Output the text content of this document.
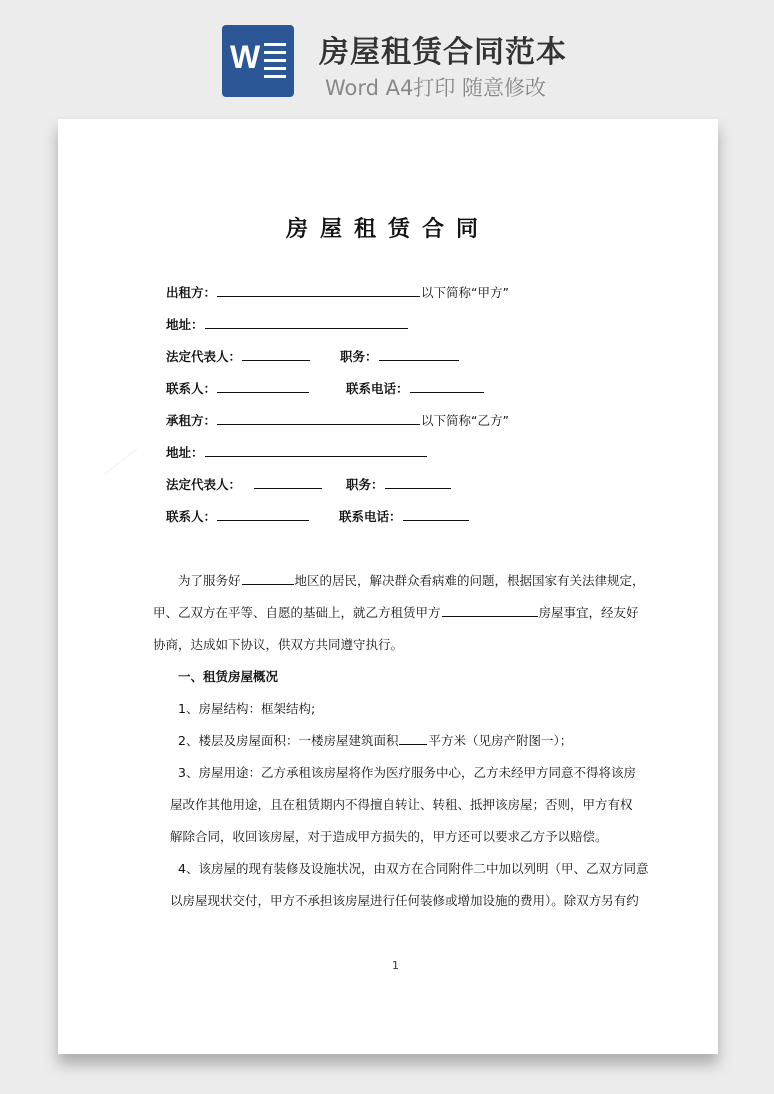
W 房屋租赁合同范本
Word A4打印 随意修改
房屋租赁合同
出租方：	以下简称“甲方”
地址：
法定代表人：	职务：
联系人：	联系电话：
承租方：	以下简称“乙方”
地址：
法定代表人：	职务：
联系人：	联系电话：
为了服务好	地区的居民，解决群众看病难的问题，根据国家有关法律规定，
甲、乙双方在平等、自愿的基础上，就乙方租赁甲方	房屋事宜，经友好
协商，达成如下协议，供双方共同遵守执行。
一、租赁房屋概况
1、房屋结构：框架结构;
2、楼层及房屋面积：一楼房屋建筑面积 平方米（见房产附图一）；
3、房屋用途：乙方承租该房屋将作为医疗服务中心，乙方未经甲方同意不得将该房
屋改作其他用途，且在租赁期内不得擅自转让、转租、抵押该房屋；否则，甲方有权
解除合同，收回该房屋，对于造成甲方损失的，甲方还可以要求乙方予以赔偿。
4、该房屋的现有装修及设施状况，由双方在合同附件二中加以列明（甲、乙双方同意
以房屋现状交付，甲方不承担该房屋进行任何装修或增加设施的费用）。除双方另有约
1
